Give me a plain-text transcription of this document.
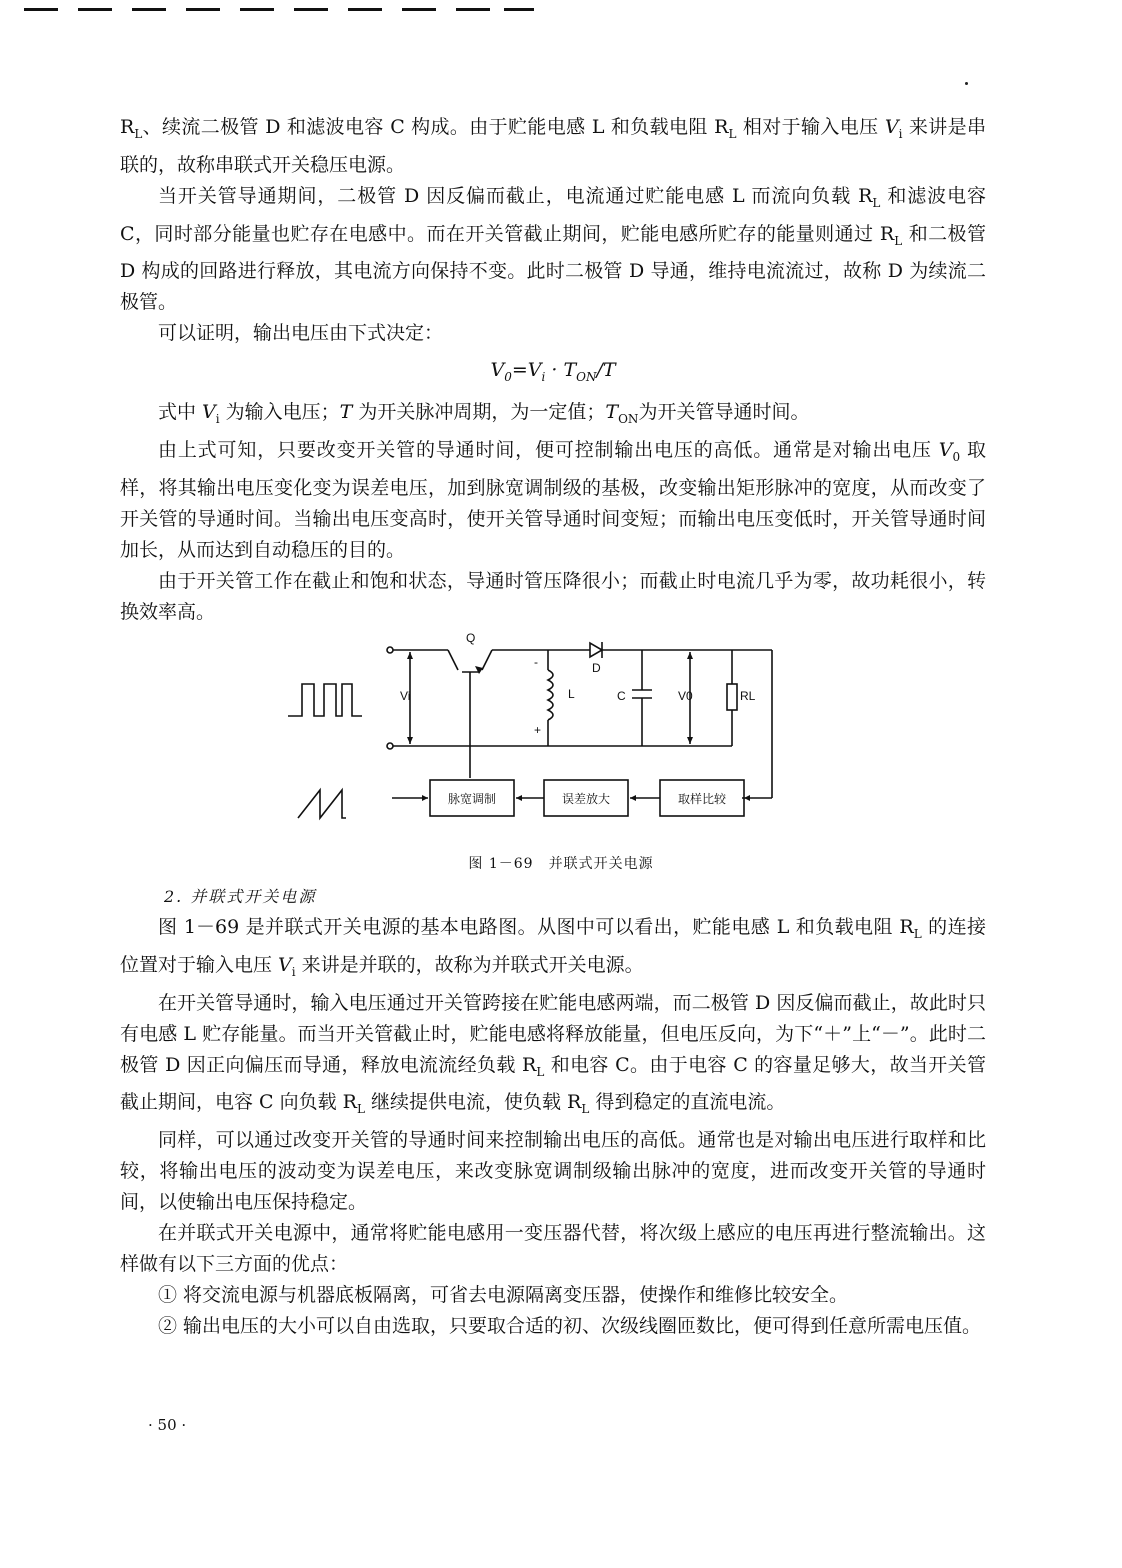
$R_L$、续流二极管 D 和滤波电容 C 构成。由于贮能电感 L 和负载电阻 $R_L$ 相对于输入电压 $V_i$ 来讲是串联的，故称串联式开关稳压电源。

当开关管导通期间，二极管 D 因反偏而截止，电流通过贮能电感 L 而流向负载 $R_L$ 和滤波电容 C，同时部分能量也贮存在电感中。而在开关管截止期间，贮能电感所贮存的能量则通过 $R_L$ 和二极管 D 构成的回路进行释放，其电流方向保持不变。此时二极管 D 导通，维持电流流过，故称 D 为续流二极管。

可以证明，输出电压由下式决定：

$V_0=V_i \cdot T_{ON}/T$

式中 $V_i$ 为输入电压；T 为开关脉冲周期，为一定值；$T_{ON}$为开关管导通时间。

由上式可知，只要改变开关管的导通时间，便可控制输出电压的高低。通常是对输出电压 $V_0$ 取样，将其输出电压变化变为误差电压，加到脉宽调制级的基极，改变输出矩形脉冲的宽度，从而改变了开关管的导通时间。当输出电压变高时，使开关管导通时间变短；而输出电压变低时，开关管导通时间加长，从而达到自动稳压的目的。

由于开关管工作在截止和饱和状态，导通时管压降很小；而截止时电流几乎为零，故功耗很小，转换效率高。

Q
D
L	C
Vi	V0	RL
-
+
脉宽调制	误差放大	取样比较
图 1－69　并联式开关电源
2. 并联式开关电源

图 1－69 是并联式开关电源的基本电路图。从图中可以看出，贮能电感 L 和负载电阻 $R_L$ 的连接位置对于输入电压 $V_i$ 来讲是并联的，故称为并联式开关电源。

在开关管导通时，输入电压通过开关管跨接在贮能电感两端，而二极管 D 因反偏而截止，故此时只有电感 L 贮存能量。而当开关管截止时，贮能电感将释放能量，但电压反向，为下“＋”上“－”。此时二极管 D 因正向偏压而导通，释放电流流经负载 $R_L$ 和电容 C。由于电容 C 的容量足够大，故当开关管截止期间，电容 C 向负载 $R_L$ 继续提供电流，使负载 $R_L$ 得到稳定的直流电流。

同样，可以通过改变开关管的导通时间来控制输出电压的高低。通常也是对输出电压进行取样和比较，将输出电压的波动变为误差电压，来改变脉宽调制级输出脉冲的宽度，进而改变开关管的导通时间，以使输出电压保持稳定。

在并联式开关电源中，通常将贮能电感用一变压器代替，将次级上感应的电压再进行整流输出。这样做有以下三方面的优点：

① 将交流电源与机器底板隔离，可省去电源隔离变压器，使操作和维修比较安全。

② 输出电压的大小可以自由选取，只要取合适的初、次级线圈匝数比，便可得到任意所需电压值。

· 50 ·
